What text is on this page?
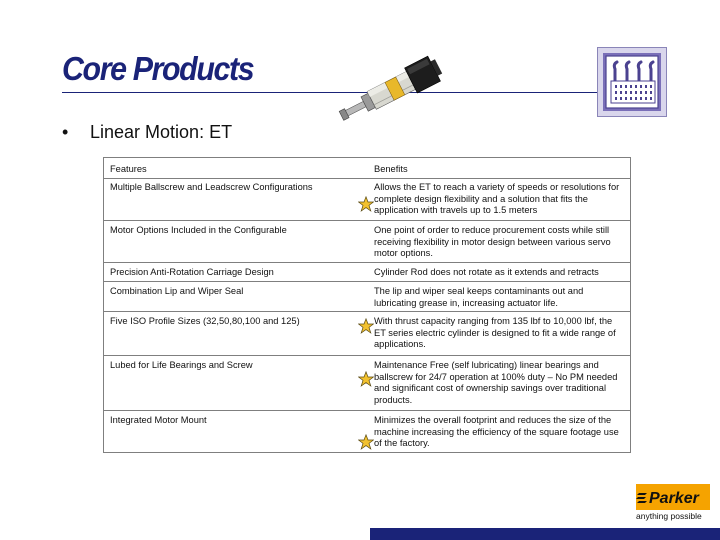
Core Products
• Linear Motion: ET
Features	Benefits
Multiple Ballscrew and Leadscrew Configurations	Allows the ET to reach a variety of speeds or resolutions for complete design flexibility and a solution that fits the application with travels up to 1.5 meters
Motor Options Included in the Configurable	One point of order to reduce procurement costs while still receiving flexibility in motor design between various servo motor options.
Precision Anti-Rotation Carriage Design	Cylinder Rod does not rotate as it extends and retracts
Combination Lip and Wiper Seal	The lip and wiper seal keeps contaminants out and lubricating grease in, increasing actuator life.
Five ISO Profile Sizes (32,50,80,100 and 125)	With thrust capacity ranging from 135 lbf to 10,000 lbf, the ET series electric cylinder is designed to fit a wide range of applications.
Lubed for Life Bearings and Screw	Maintenance Free (self lubricating) linear bearings and ballscrew for 24/7 operation at 100% duty – No PM needed and significant cost of ownership savings over traditional products.
Integrated Motor Mount	Minimizes the overall footprint and reduces the size of the machine increasing the efficiency of the square footage use of the factory.
Parker
anything possible
